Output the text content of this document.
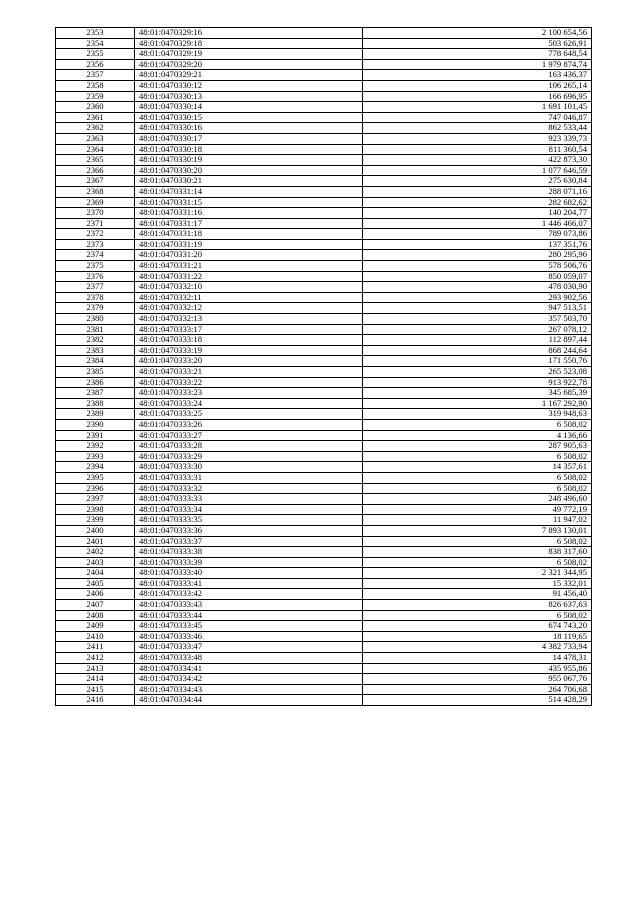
2353	48:01:0470329:16	2 100 654,56
2354	48:01:0470329:18	503 626,91
2355	48:01:0470329:19	778 648,54
2356	48:01:0470329:20	1 979 874,74
2357	48:01:0470329:21	163 436,37
2358	48:01:0470330:12	106 265,14
2359	48:01:0470330:13	166 696,95
2360	48:01:0470330:14	1 691 101,45
2361	48:01:0470330:15	747 046,87
2362	48:01:0470330:16	862 533,44
2363	48:01:0470330:17	923 339,73
2364	48:01:0470330:18	811 360,54
2365	48:01:0470330:19	422 873,30
2366	48:01:0470330:20	1 077 646,59
2367	48:01:0470330:21	275 630,84
2368	48:01:0470331:14	288 071,16
2369	48:01:0470331:15	282 682,62
2370	48:01:0470331:16	140 204,77
2371	48:01:0470331:17	1 446 466,07
2372	48:01:0470331:18	789 073,86
2373	48:01:0470331:19	137 351,76
2374	48:01:0470331:20	280 295,96
2375	48:01:0470331:21	578 506,76
2376	48:01:0470331:22	850 059,07
2377	48:01:0470332:10	478 030,90
2378	48:01:0470332:11	293 902,56
2379	48:01:0470332:12	947 513,51
2380	48:01:0470332:13	357 503,70
2381	48:01:0470333:17	267 078,12
2382	48:01:0470333:18	112 897,44
2383	48:01:0470333:19	868 244,64
2384	48:01:0470333:20	171 550,76
2385	48:01:0470333:21	265 523,08
2386	48:01:0470333:22	913 922,78
2387	48:01:0470333:23	345 685,39
2388	48:01:0470333:24	1 167 292,90
2389	48:01:0470333:25	319 948,63
2390	48:01:0470333:26	6 508,02
2391	48:01:0470333:27	4 136,66
2392	48:01:0470333:28	287 905,63
2393	48:01:0470333:29	6 508,02
2394	48:01:0470333:30	14 357,61
2395	48:01:0470333:31	6 508,02
2396	48:01:0470333:32	6 508,02
2397	48:01:0470333:33	248 496,60
2398	48:01:0470333:34	49 772,19
2399	48:01:0470333:35	11 947,02
2400	48:01:0470333:36	7 893 130,01
2401	48:01:0470333:37	6 508,02
2402	48:01:0470333:38	838 317,60
2403	48:01:0470333:39	6 508,02
2404	48:01:0470333:40	2 321 344,95
2405	48:01:0470333:41	15 332,01
2406	48:01:0470333:42	91 456,40
2407	48:01:0470333:43	826 637,63
2408	48:01:0470333:44	6 508,02
2409	48:01:0470333:45	674 743,20
2410	48:01:0470333:46	18 119,65
2411	48:01:0470333:47	4 382 733,94
2412	48:01:0470333:48	14 478,31
2413	48:01:0470334:41	435 955,86
2414	48:01:0470334:42	955 067,76
2415	48:01:0470334:43	264 706,68
2416	48:01:0470334:44	514 428,29
